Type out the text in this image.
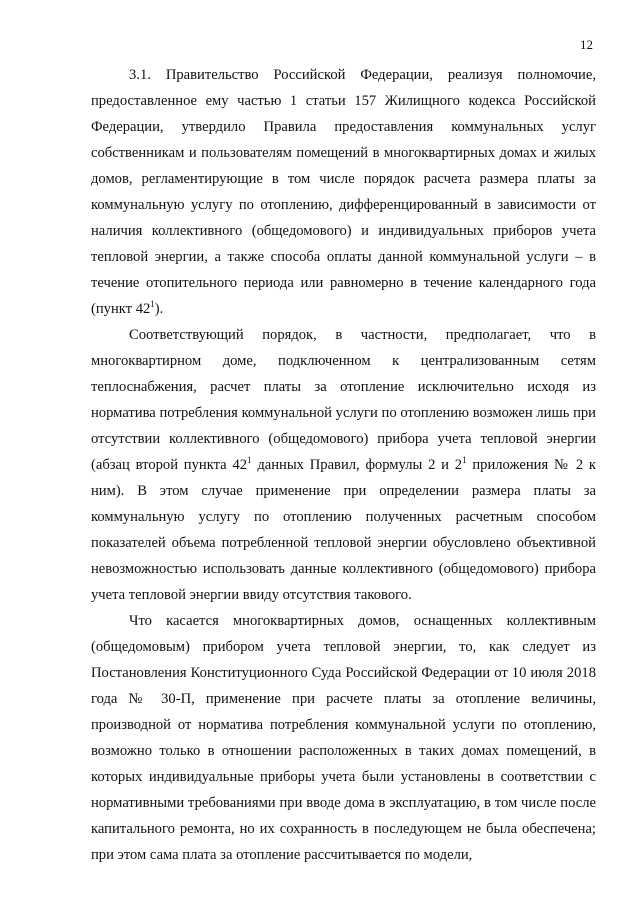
12

3.1. Правительство Российской Федерации, реализуя полномочие, предоставленное ему частью 1 статьи 157 Жилищного кодекса Российской Федерации, утвердило Правила предоставления коммунальных услуг собственникам и пользователям помещений в многоквартирных домах и жилых домов, регламентирующие в том числе порядок расчета размера платы за коммунальную услугу по отоплению, дифференцированный в зависимости от наличия коллективного (общедомового) и индивидуальных приборов учета тепловой энергии, а также способа оплаты данной коммунальной услуги – в течение отопительного периода или равномерно в течение календарного года (пункт $42^1$).

Соответствующий порядок, в частности, предполагает, что в многоквартирном доме, подключенном к централизованным сетям теплоснабжения, расчет платы за отопление исключительно исходя из норматива потребления коммунальной услуги по отоплению возможен лишь при отсутствии коллективного (общедомового) прибора учета тепловой энергии (абзац второй пункта $42^1$ данных Правил, формулы 2 и $2^1$ приложения № 2 к ним). В этом случае применение при определении размера платы за коммунальную услугу по отоплению полученных расчетным способом показателей объема потребленной тепловой энергии обусловлено объективной невозможностью использовать данные коллективного (общедомового) прибора учета тепловой энергии ввиду отсутствия такового.

Что касается многоквартирных домов, оснащенных коллективным (общедомовым) прибором учета тепловой энергии, то, как следует из Постановления Конституционного Суда Российской Федерации от 10 июля 2018 года № 30-П, применение при расчете платы за отопление величины, производной от норматива потребления коммунальной услуги по отоплению, возможно только в отношении расположенных в таких домах помещений, в которых индивидуальные приборы учета были установлены в соответствии с нормативными требованиями при вводе дома в эксплуатацию, в том числе после капитального ремонта, но их сохранность в последующем не была обеспечена; при этом сама плата за отопление рассчитывается по модели,
